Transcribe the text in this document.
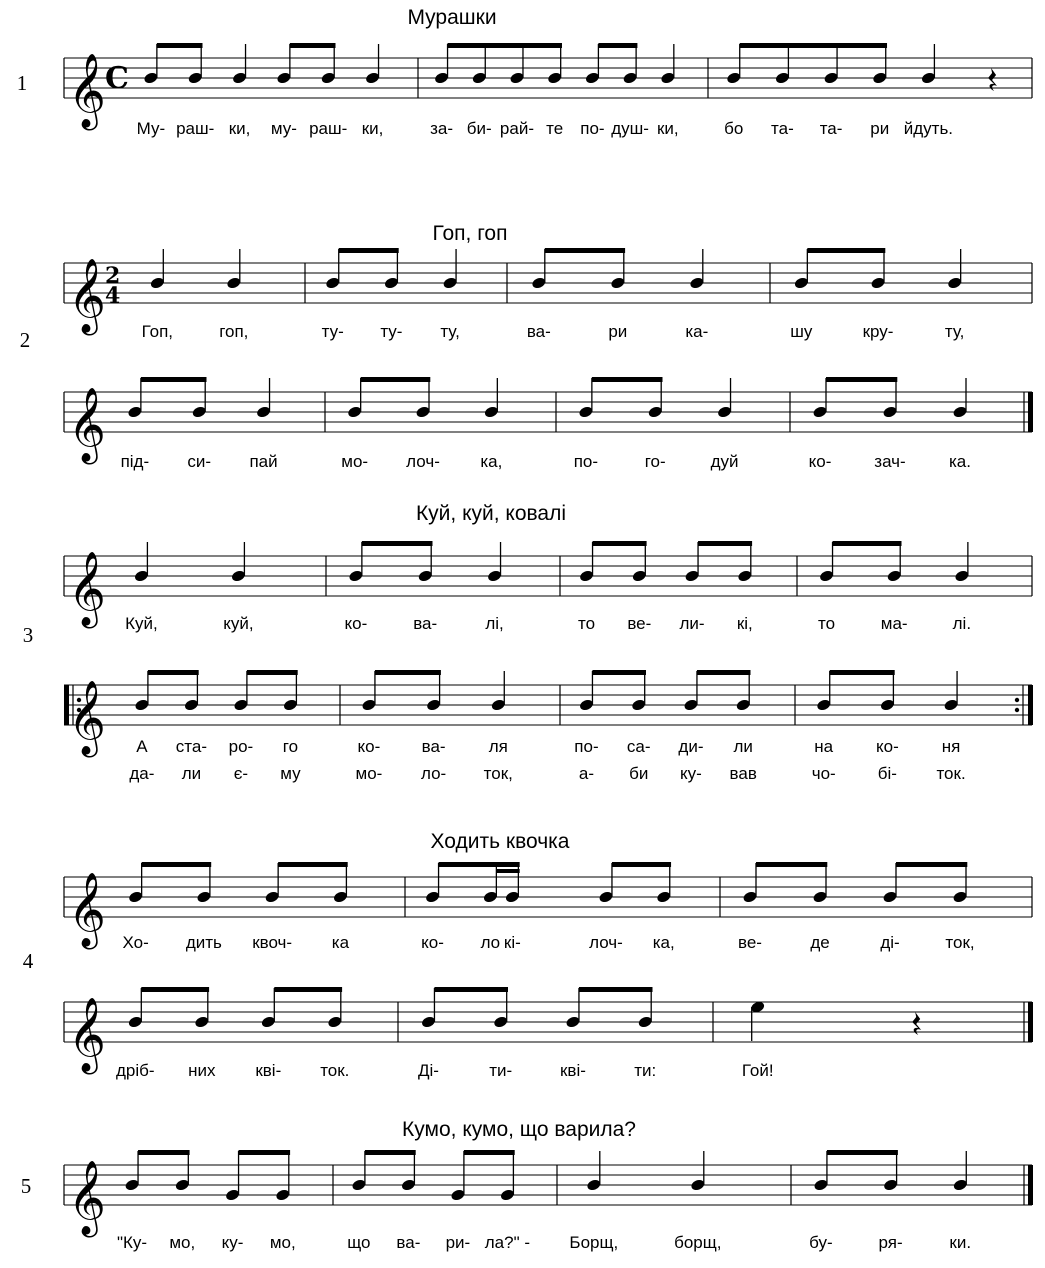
Мурашки
1 𝄞 C
Му- раш- ки, му- раш- ки,	за- би- рай- те по- душ- ки,	бо та- та- ри йдуть.
Гоп, гоп
2
𝄞 2
4
Гоп,	гоп,	ту- ту- ту,	ва-	ри	ка-	шу	кру-	ту,
𝄞 під- си- пай	мо- лоч- ка,	по-	го-	дуй	ко-	зач-	ка.
Куй, куй, ковалі
3
𝄞 Куй,	куй,	ко-	ва-	лі,	то ве- ли- кі,	то	ма-	лі.
𝄞 А ста- ро- го	ко- ва-	ля	по- са- ди- ли	на	ко-	ня
да- ли є- му	мо- ло- ток,	а- би ку- вав	чо- бі- ток.
Ходить квочка
4
𝄞 Хо- дить квоч- ка	ко- ло кі-	лоч- ка,	ве-	де	ді-	ток,
𝄞 дріб- них кві- ток.	Ді-	ти-	кві-	ти:	Гой!
Кумо, кумо, що варила?
5 𝄞
"Ку- мо, ку- мо,	що ва- ри- ла?" - Борщ,	борщ,	бу-	ря-	ки.
